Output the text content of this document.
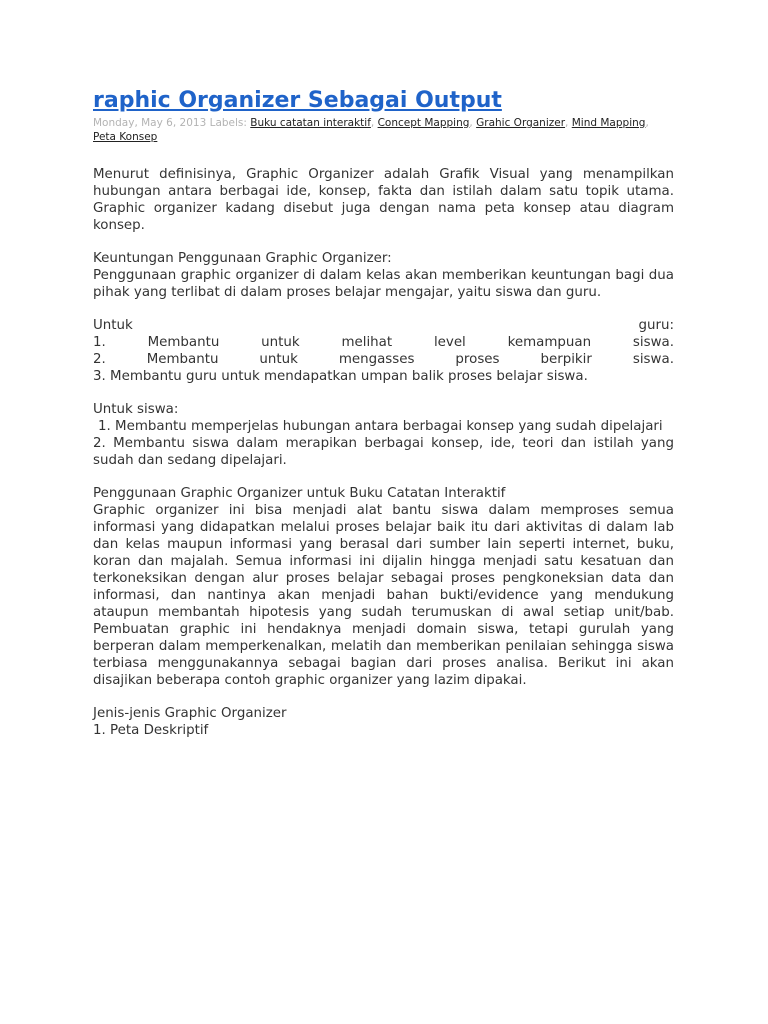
raphic Organizer Sebagai Output
Monday, May 6, 2013 Labels: Buku catatan interaktif, Concept Mapping, Grahic Organizer, Mind Mapping, Peta Konsep

Menurut definisinya, Graphic Organizer adalah Grafik Visual yang menampilkan hubungan antara berbagai ide, konsep, fakta dan istilah dalam satu topik utama. Graphic organizer kadang disebut juga dengan nama peta konsep atau diagram konsep.

Keuntungan Penggunaan Graphic Organizer:
Penggunaan graphic organizer di dalam kelas akan memberikan keuntungan bagi dua pihak yang terlibat di dalam proses belajar mengajar, yaitu siswa dan guru.
Untuk	guru:
1.	Membantu	untuk	melihat	level	kemampuan	siswa.
2.	Membantu	untuk	mengasses	proses	berpikir	siswa.
3. Membantu guru untuk mendapatkan umpan balik proses belajar siswa.
Untuk siswa:
1. Membantu memperjelas hubungan antara berbagai konsep yang sudah dipelajari
2. Membantu siswa dalam merapikan berbagai konsep, ide, teori dan istilah yang sudah dan sedang dipelajari.
Penggunaan Graphic Organizer untuk Buku Catatan Interaktif
Graphic organizer ini bisa menjadi alat bantu siswa dalam memproses semua informasi yang didapatkan melalui proses belajar baik itu dari aktivitas di dalam lab dan kelas maupun informasi yang berasal dari sumber lain seperti internet, buku, koran dan majalah. Semua informasi ini dijalin hingga menjadi satu kesatuan dan terkoneksikan dengan alur proses belajar sebagai proses pengkoneksian data dan informasi, dan nantinya akan menjadi bahan bukti/evidence yang mendukung ataupun membantah hipotesis yang sudah terumuskan di awal setiap unit/bab. Pembuatan graphic ini hendaknya menjadi domain siswa, tetapi gurulah yang berperan dalam memperkenalkan, melatih dan memberikan penilaian sehingga siswa terbiasa menggunakannya sebagai bagian dari proses analisa. Berikut ini akan disajikan beberapa contoh graphic organizer yang lazim dipakai.
Jenis-jenis Graphic Organizer
1. Peta Deskriptif
